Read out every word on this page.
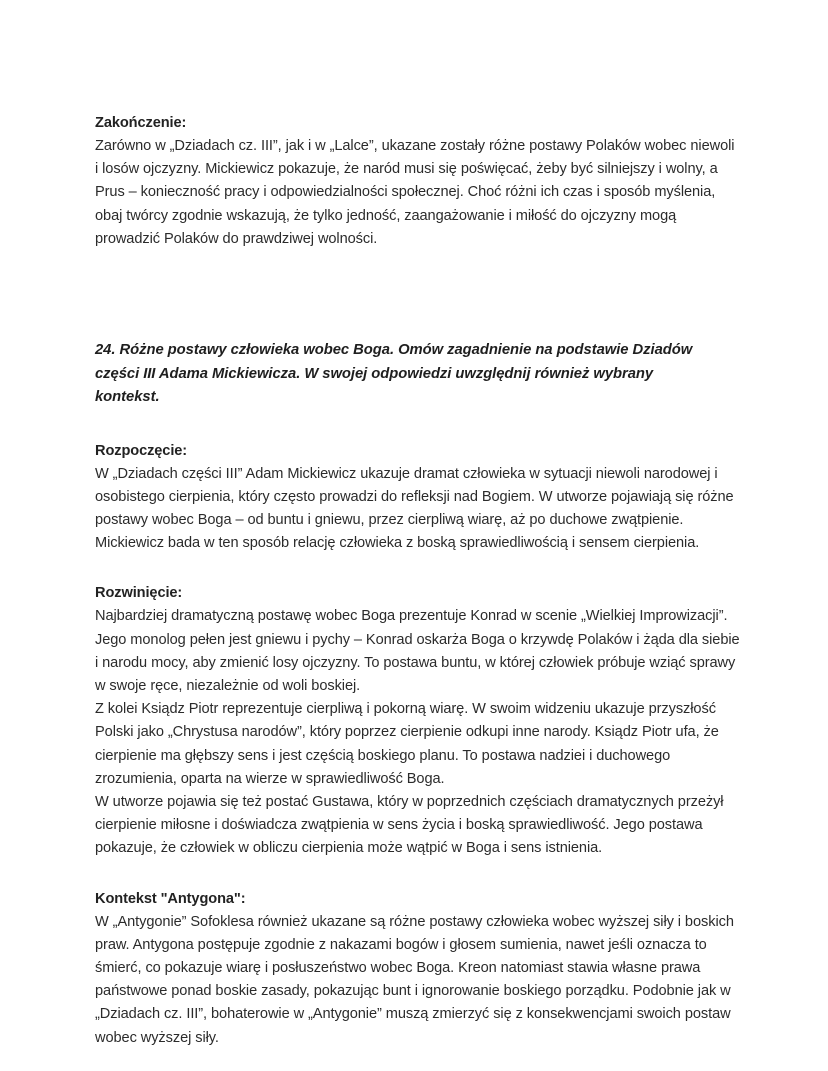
Zakończenie:

Zarówno w „Dziadach cz. III”, jak i w „Lalce”, ukazane zostały różne postawy Polaków wobec niewoli i losów ojczyzny. Mickiewicz pokazuje, że naród musi się poświęcać, żeby być silniejszy i wolny, a Prus – konieczność pracy i odpowiedzialności społecznej. Choć różni ich czas i sposób myślenia, obaj twórcy zgodnie wskazują, że tylko jedność, zaangażowanie i miłość do ojczyzny mogą prowadzić Polaków do prawdziwej wolności.

24. Różne postawy człowieka wobec Boga. Omów zagadnienie na podstawie Dziadów części III Adama Mickiewicza. W swojej odpowiedzi uwzględnij również wybrany kontekst.

Rozpoczęcie:

W „Dziadach części III” Adam Mickiewicz ukazuje dramat człowieka w sytuacji niewoli narodowej i osobistego cierpienia, który często prowadzi do refleksji nad Bogiem. W utworze pojawiają się różne postawy wobec Boga – od buntu i gniewu, przez cierpliwą wiarę, aż po duchowe zwątpienie. Mickiewicz bada w ten sposób relację człowieka z boską sprawiedliwością i sensem cierpienia.

Rozwinięcie:

Najbardziej dramatyczną postawę wobec Boga prezentuje Konrad w scenie „Wielkiej Improwizacji”. Jego monolog pełen jest gniewu i pychy – Konrad oskarża Boga o krzywdę Polaków i żąda dla siebie i narodu mocy, aby zmienić losy ojczyzny. To postawa buntu, w której człowiek próbuje wziąć sprawy w swoje ręce, niezależnie od woli boskiej.

Z kolei Ksiądz Piotr reprezentuje cierpliwą i pokorną wiarę. W swoim widzeniu ukazuje przyszłość Polski jako „Chrystusa narodów”, który poprzez cierpienie odkupi inne narody. Ksiądz Piotr ufa, że cierpienie ma głębszy sens i jest częścią boskiego planu. To postawa nadziei i duchowego zrozumienia, oparta na wierze w sprawiedliwość Boga.

W utworze pojawia się też postać Gustawa, który w poprzednich częściach dramatycznych przeżył cierpienie miłosne i doświadcza zwątpienia w sens życia i boską sprawiedliwość. Jego postawa pokazuje, że człowiek w obliczu cierpienia może wątpić w Boga i sens istnienia.

Kontekst "Antygona":

W „Antygonie” Sofoklesa również ukazane są różne postawy człowieka wobec wyższej siły i boskich praw. Antygona postępuje zgodnie z nakazami bogów i głosem sumienia, nawet jeśli oznacza to śmierć, co pokazuje wiarę i posłuszeństwo wobec Boga. Kreon natomiast stawia własne prawa państwowe ponad boskie zasady, pokazując bunt i ignorowanie boskiego porządku. Podobnie jak w „Dziadach cz. III”, bohaterowie w „Antygonie” muszą zmierzyć się z konsekwencjami swoich postaw wobec wyższej siły.
